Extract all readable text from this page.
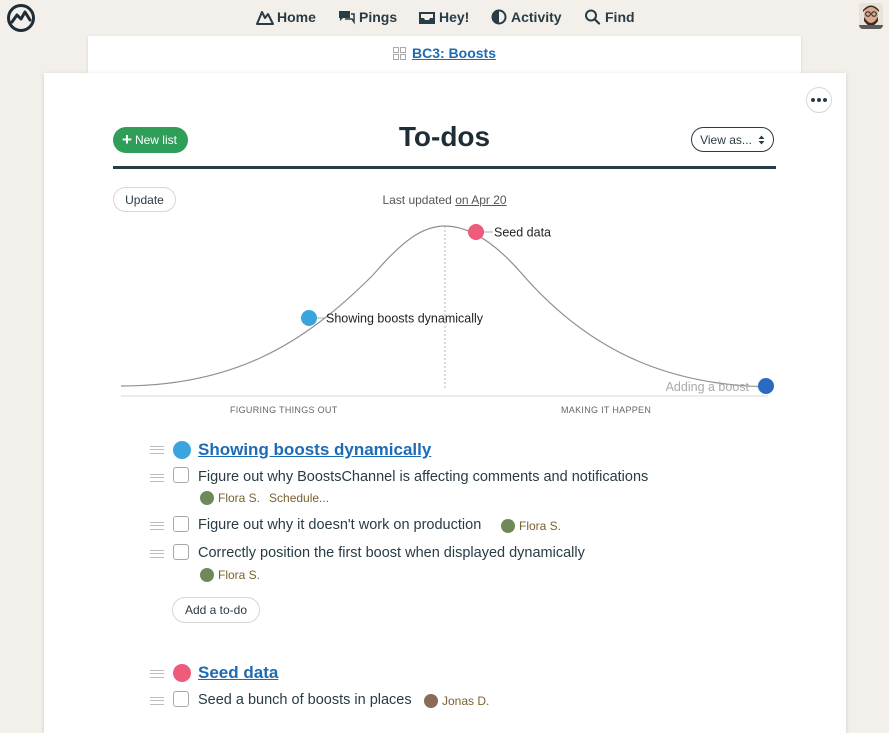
Home	Pings	Hey!	Activity	Find
BC3: Boosts
+ New list	To-dos	View as...
Update	Last updated on Apr 20
Showing boosts dynamically
Seed data
Adding a boost
FIGURING THINGS OUT	MAKING IT HAPPEN
Showing boosts dynamically
Figure out why BoostsChannel is affecting comments and notifications
Flora S. Schedule...
Figure out why it doesn't work on production	Flora S.
Correctly position the first boost when displayed dynamically
Flora S.
Add a to-do
Seed data
Seed a bunch of boosts in places	Jonas D.
